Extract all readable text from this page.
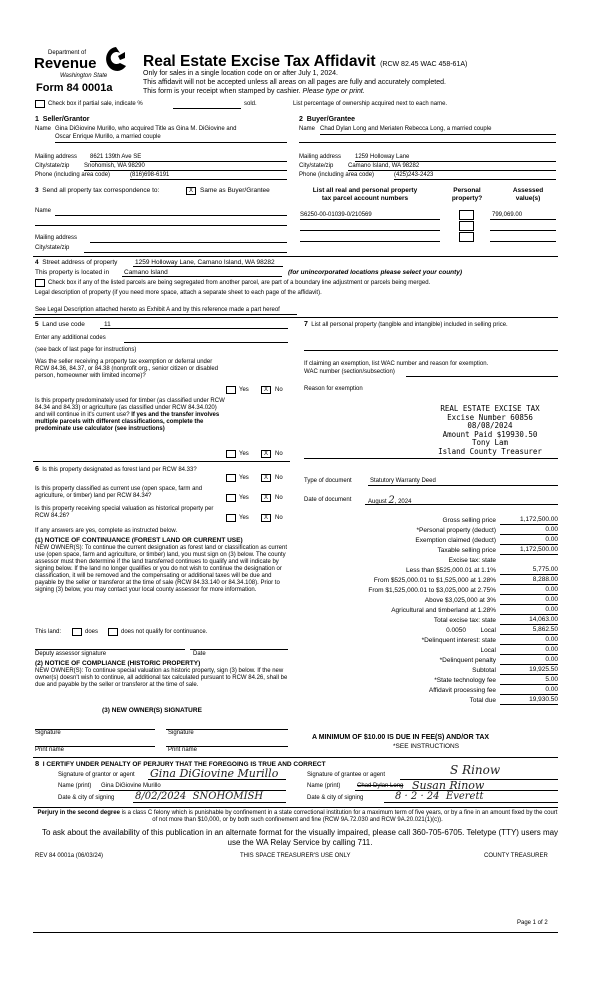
Department of
Revenue
Washington State
Form 84 0001a
Real Estate Excise Tax Affidavit (RCW 82.45 WAC 458-61A)
Only for sales in a single location code on or after July 1, 2024.
This affidavit will not be accepted unless all areas on all pages are fully and accurately completed.
This form is your receipt when stamped by cashier. Please type or print.
Check box if partial sale, indicate %	sold.	List percentage of ownership acquired next to each name.
1 Seller/Grantor
Name Gina DiGiovine Murillo, who acquired Title as Gina M. DiGiovine and
Oscar Enrique Murillo, a married couple
Mailing address 8621 139th Ave SE
City/state/zip Snohomish, WA 98290
Phone (including area code)	(816)698-6191
2 Buyer/Grantee
Name Chad Dylan Long and Meriaten Rebecca Long, a married couple
Mailing address 1259 Holloway Lane
City/state/zip Camano Island, WA 98282
Phone (including area code)	(425)243-2423
3 Send all property tax correspondence to:	X	Same as Buyer/Grantee
Name
Mailing address
City/state/zip
List all real and personal property
tax parcel account numbers
Personal
property?
Assessed
value(s)
S6250-00-01039-0/210569	799,069.00
4 Street address of property	1259 Holloway Lane, Camano Island, WA 98282
This property is located in Camano Island	(for unincorporated locations please select your county)
Check box if any of the listed parcels are being segregated from another parcel, are part of a boundary line adjustment or parcels being merged.
Legal description of property (if you need more space, attach a separate sheet to each page of the affidavit).
See Legal Description attached hereto as Exhibit A and by this reference made a part hereof
5 Land use code	11
Enter any additional codes
(see back of last page for instructions)
Was the seller receiving a property tax exemption or deferral under RCW 84.36, 84.37, or 84.38 (nonprofit org., senior citizen or disabled person, homeowner with limited income)?
Yes	X	No
Is this property predominately used for timber (as classified under RCW 84.34 and 84.33) or agriculture (as classified under RCW 84.34.020) and will continue in it's current use? If yes and the transfer involves multiple parcels with different classifications, complete the predominate use calculator (see instructions)
Yes	X	No
6 Is this property designated as forest land per RCW 84.33?
Yes	X	No
Is this property classified as current use (open space, farm and agriculture, or timber) land per RCW 84.34?	Yes	X	No
Is this property receiving special valuation as historical property per RCW 84.26?	Yes	X	No
If any answers are yes, complete as instructed below.
(1) NOTICE OF CONTINUANCE (FOREST LAND OR CURRENT USE)
NEW OWNER(S): To continue the current designation as forest land or classification as current use (open space, farm and agriculture, or timber) land, you must sign on (3) below. The county assessor must then determine if the land transferred continues to qualify and will indicate by signing below. If the land no longer qualifies or you do not wish to continue the designation or classification, it will be removed and the compensating or additional taxes will be due and payable by the seller or transferor at the time of sale (RCW 84.33.140 or 84.34.108). Prior to signing (3) below, you may contact your local county assessor for more information.
This land:	does	does not qualify for continuance.
Deputy assessor signature	Date
(2) NOTICE OF COMPLIANCE (HISTORIC PROPERTY)
NEW OWNER(S): To continue special valuation as historic property, sign (3) below. If the new owner(s) doesn't wish to continue, all additional tax calculated pursuant to RCW 84.26, shall be due and payable by the seller or transferor at the time of sale.
(3) NEW OWNER(S) SIGNATURE
Signature	Signature
Print name	Print name
7 List all personal property (tangible and intangible) included in selling price.
If claiming an exemption, list WAC number and reason for exemption.
WAC number (section/subsection)
Reason for exemption
REAL ESTATE EXCISE TAX
Excise Number 60856
08/08/2024
Amount Paid $19930.50
Tony Lam
Island County Treasurer
Type of document	Statutory Warranty Deed
Date of document	August 2, 2024
Gross selling price	1,172,500.00
*Personal property (deduct)	0.00
Exemption claimed (deduct)	0.00
Taxable selling price	1,172,500.00
Excise tax: state
Less than $525,000.01 at 1.1%	5,775.00
From $525,000.01 to $1,525,000 at 1.28%	8,288.00
From $1,525,000.01 to $3,025,000 at 2.75%	0.00
Above $3,025,000 at 3%	0.00
Agricultural and timberland at 1.28%	0.00
Total excise tax: state	14,063.00
0.0050        Local	5,862.50
*Delinquent interest: state	0.00
Local	0.00
*Delinquent penalty	0.00
Subtotal	19,925.50
*State technology fee	5.00
Affidavit processing fee	0.00
Total due	19,930.50
A MINIMUM OF $10.00 IS DUE IN FEE(S) AND/OR TAX
*SEE INSTRUCTIONS
8 I CERTIFY UNDER PENALTY OF PERJURY THAT THE FOREGOING IS TRUE AND CORRECT
Signature of grantor or agent Gina DiGiovine Murillo
Name (print) Gina DiGiovine Murillo
Date & city of signing 8/02/2024 SNOHOMISH
Signature of grantee or agent	S Rinow
Name (print)	Chad Dylan Long Susan Rinow
Date & city of signing	8 · 2 · 24 Everett
Perjury in the second degree is a class C felony which is punishable by confinement in a state correctional institution for a maximum term of five years, or by a fine in an amount fixed by the court of not more than $10,000, or by both such confinement and fine (RCW 9A.72.030 and RCW 9A.20.021(1)(c)).
To ask about the availability of this publication in an alternate format for the visually impaired, please call 360-705-6705. Teletype (TTY) users may use the WA Relay Service by calling 711.
REV 84 0001a (06/03/24)	THIS SPACE TREASURER'S USE ONLY	COUNTY TREASURER
Page 1 of 2
